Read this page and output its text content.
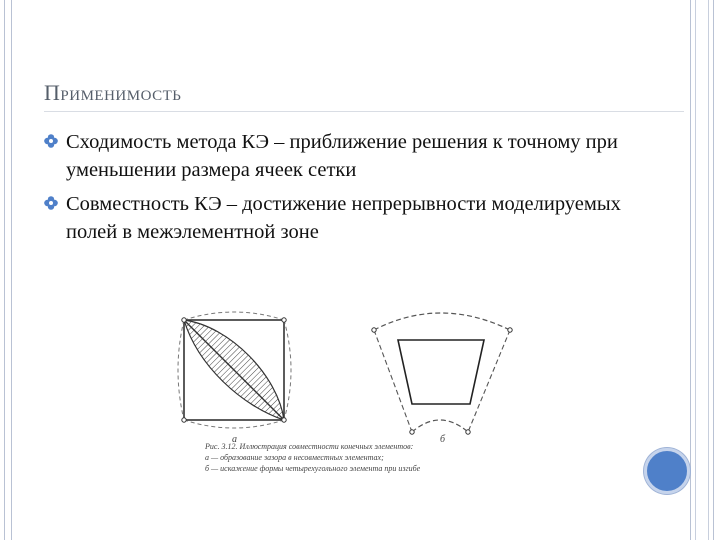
Применимость
Сходимость метода КЭ – приближение решения к точному при уменьшении размера ячеек сетки
Совместность КЭ – достижение непрерывности моделируемых полей в межэлементной зоне
а	б
Рис. 3.12. Иллюстрация совместности конечных элементов:
а — образование зазора в несовместных элементах;
б — искажение формы четырехугольного элемента при изгибе
